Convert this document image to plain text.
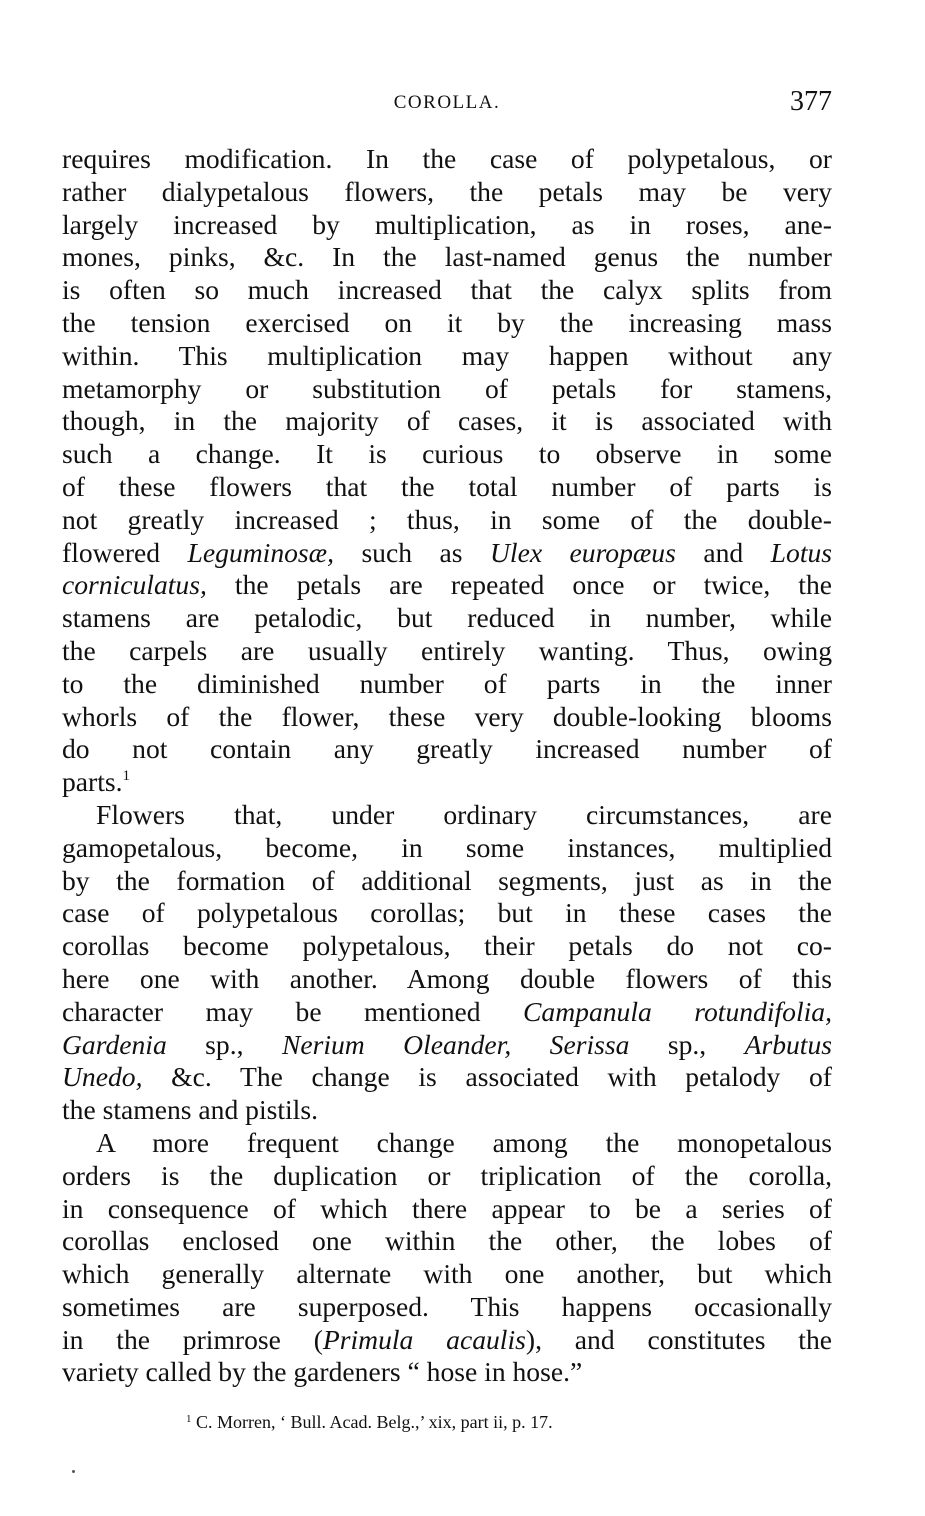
COROLLA.	377
requires modification. In the case of polypetalous, or
rather dialypetalous flowers, the petals may be very
largely increased by multiplication, as in roses, ane-
mones, pinks, &c. In the last-named genus the number
is often so much increased that the calyx splits from
the tension exercised on it by the increasing mass
within. This multiplication may happen without any
metamorphy or substitution of petals for stamens,
though, in the majority of cases, it is associated with
such a change. It is curious to observe in some
of these flowers that the total number of parts is
not greatly increased ; thus, in some of the double-
flowered Leguminosæ, such as Ulex europæus and Lotus
corniculatus, the petals are repeated once or twice, the
stamens are petalodic, but reduced in number, while
the carpels are usually entirely wanting. Thus, owing
to the diminished number of parts in the inner
whorls of the flower, these very double-looking blooms
do not contain any greatly increased number of
parts.$^1$
Flowers that, under ordinary circumstances, are
gamopetalous, become, in some instances, multiplied
by the formation of additional segments, just as in the
case of polypetalous corollas; but in these cases the
corollas become polypetalous, their petals do not co-
here one with another. Among double flowers of this
character may be mentioned Campanula rotundifolia,
Gardenia sp., Nerium Oleander, Serissa sp., Arbutus
Unedo, &c. The change is associated with petalody of
the stamens and pistils.
A more frequent change among the monopetalous
orders is the duplication or triplication of the corolla,
in consequence of which there appear to be a series of
corollas enclosed one within the other, the lobes of
which generally alternate with one another, but which
sometimes are superposed. This happens occasionally
in the primrose (Primula acaulis), and constitutes the
variety called by the gardeners “ hose in hose.”
$^1$ C. Morren, ‘ Bull. Acad. Belg.,’ xix, part ii, p. 17.
